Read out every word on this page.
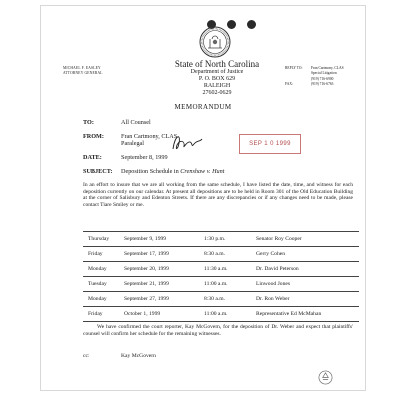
State of North Carolina
Department of Justice
P. O. BOX 629
RALEIGH
27602-0629
MICHAEL F. EASLEY
ATTORNEY GENERAL
REPLY TO: Fran Cartmony, CLAS
Special Litigation
(919) 716-6900
FAX:	(919) 716-6763
MEMORANDUM
TO:	All Counsel
FROM:	Fran Cartmony, CLAS
Paralegal
DATE:	September 8, 1999
SUBJECT: Deposition Schedule in Crenshaw v. Hunt
SEP 1 0 1999
In an effort to insure that we are all working from the same schedule, I have listed the date, time, and witness for each deposition currently on our calendar. At present all depositions are to be held in Room 301 of the Old Education Building at the corner of Salisbury and Edenton Streets. If there are any discrepancies or if any changes need to be made, please contact Tiare Smiley or me.
Thursday	September 9, 1999	1:30 p.m.	Senator Roy Cooper
Friday	September 17, 1999	8:30 a.m.	Gerry Cohen
Monday	September 20, 1999	11:30 a.m.	Dr. David Peterson
Tuesday	September 21, 1999	11:00 a.m.	Linwood Jones
Monday	September 27, 1999	8:30 a.m.	Dr. Ron Weber
Friday	October 1, 1999	11:00 a.m.	Representative Ed McMahan
We have confirmed the court reporter, Kay McGovern, for the deposition of Dr. Weber and expect that plaintiffs' counsel will confirm her schedule for the remaining witnesses.
cc:	Kay McGovern
